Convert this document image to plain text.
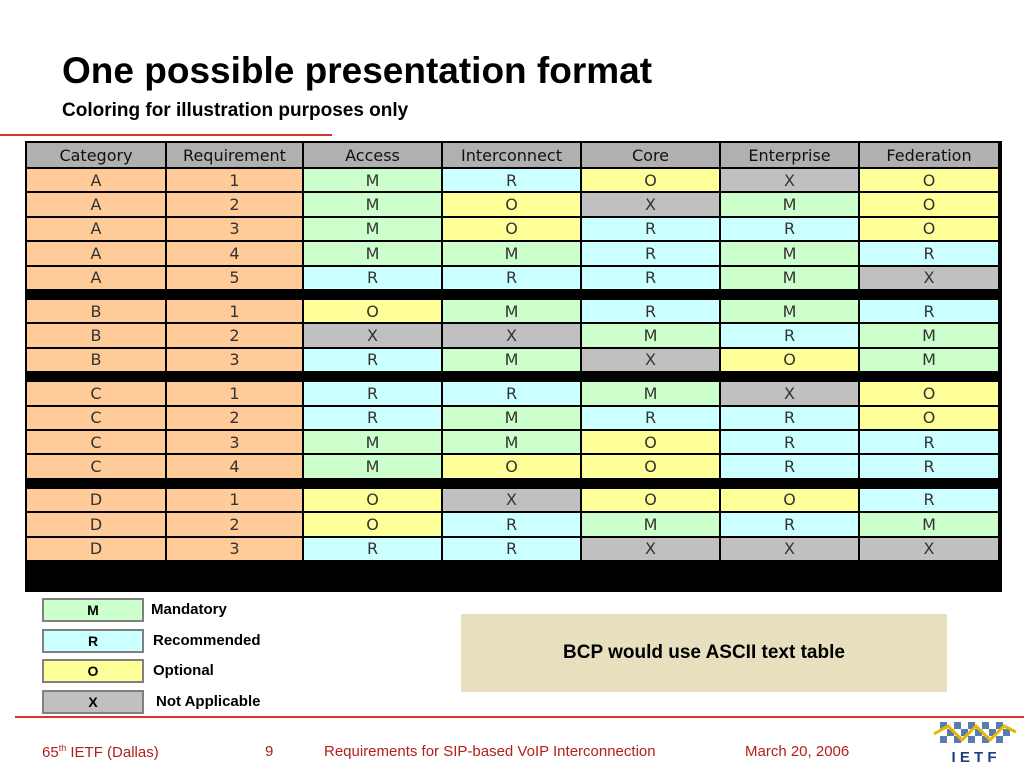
One possible presentation format
Coloring for illustration purposes only
Category	Requirement	Access	Interconnect	Core	Enterprise	Federation
A	1	M	R	O	X	O
A	2	M	O	X	M	O
A	3	M	O	R	R	O
A	4	M	M	R	M	R
A	5	R	R	R	M	X
B	1	O	M	R	M	R
B	2	X	X	M	R	M
B	3	R	M	X	O	M
C	1	R	R	M	X	O
C	2	R	M	R	R	O
C	3	M	M	O	R	R
C	4	M	O	O	R	R
D	1	O	X	O	O	R
D	2	O	R	M	R	M
D	3	R	R	X	X	X
M	Mandatory
R	Recommended
O	Optional
X	Not Applicable
BCP would use ASCII text table
65th IETF (Dallas)	9	Requirements for SIP-based VoIP Interconnection	March 20, 2006	I E T F
